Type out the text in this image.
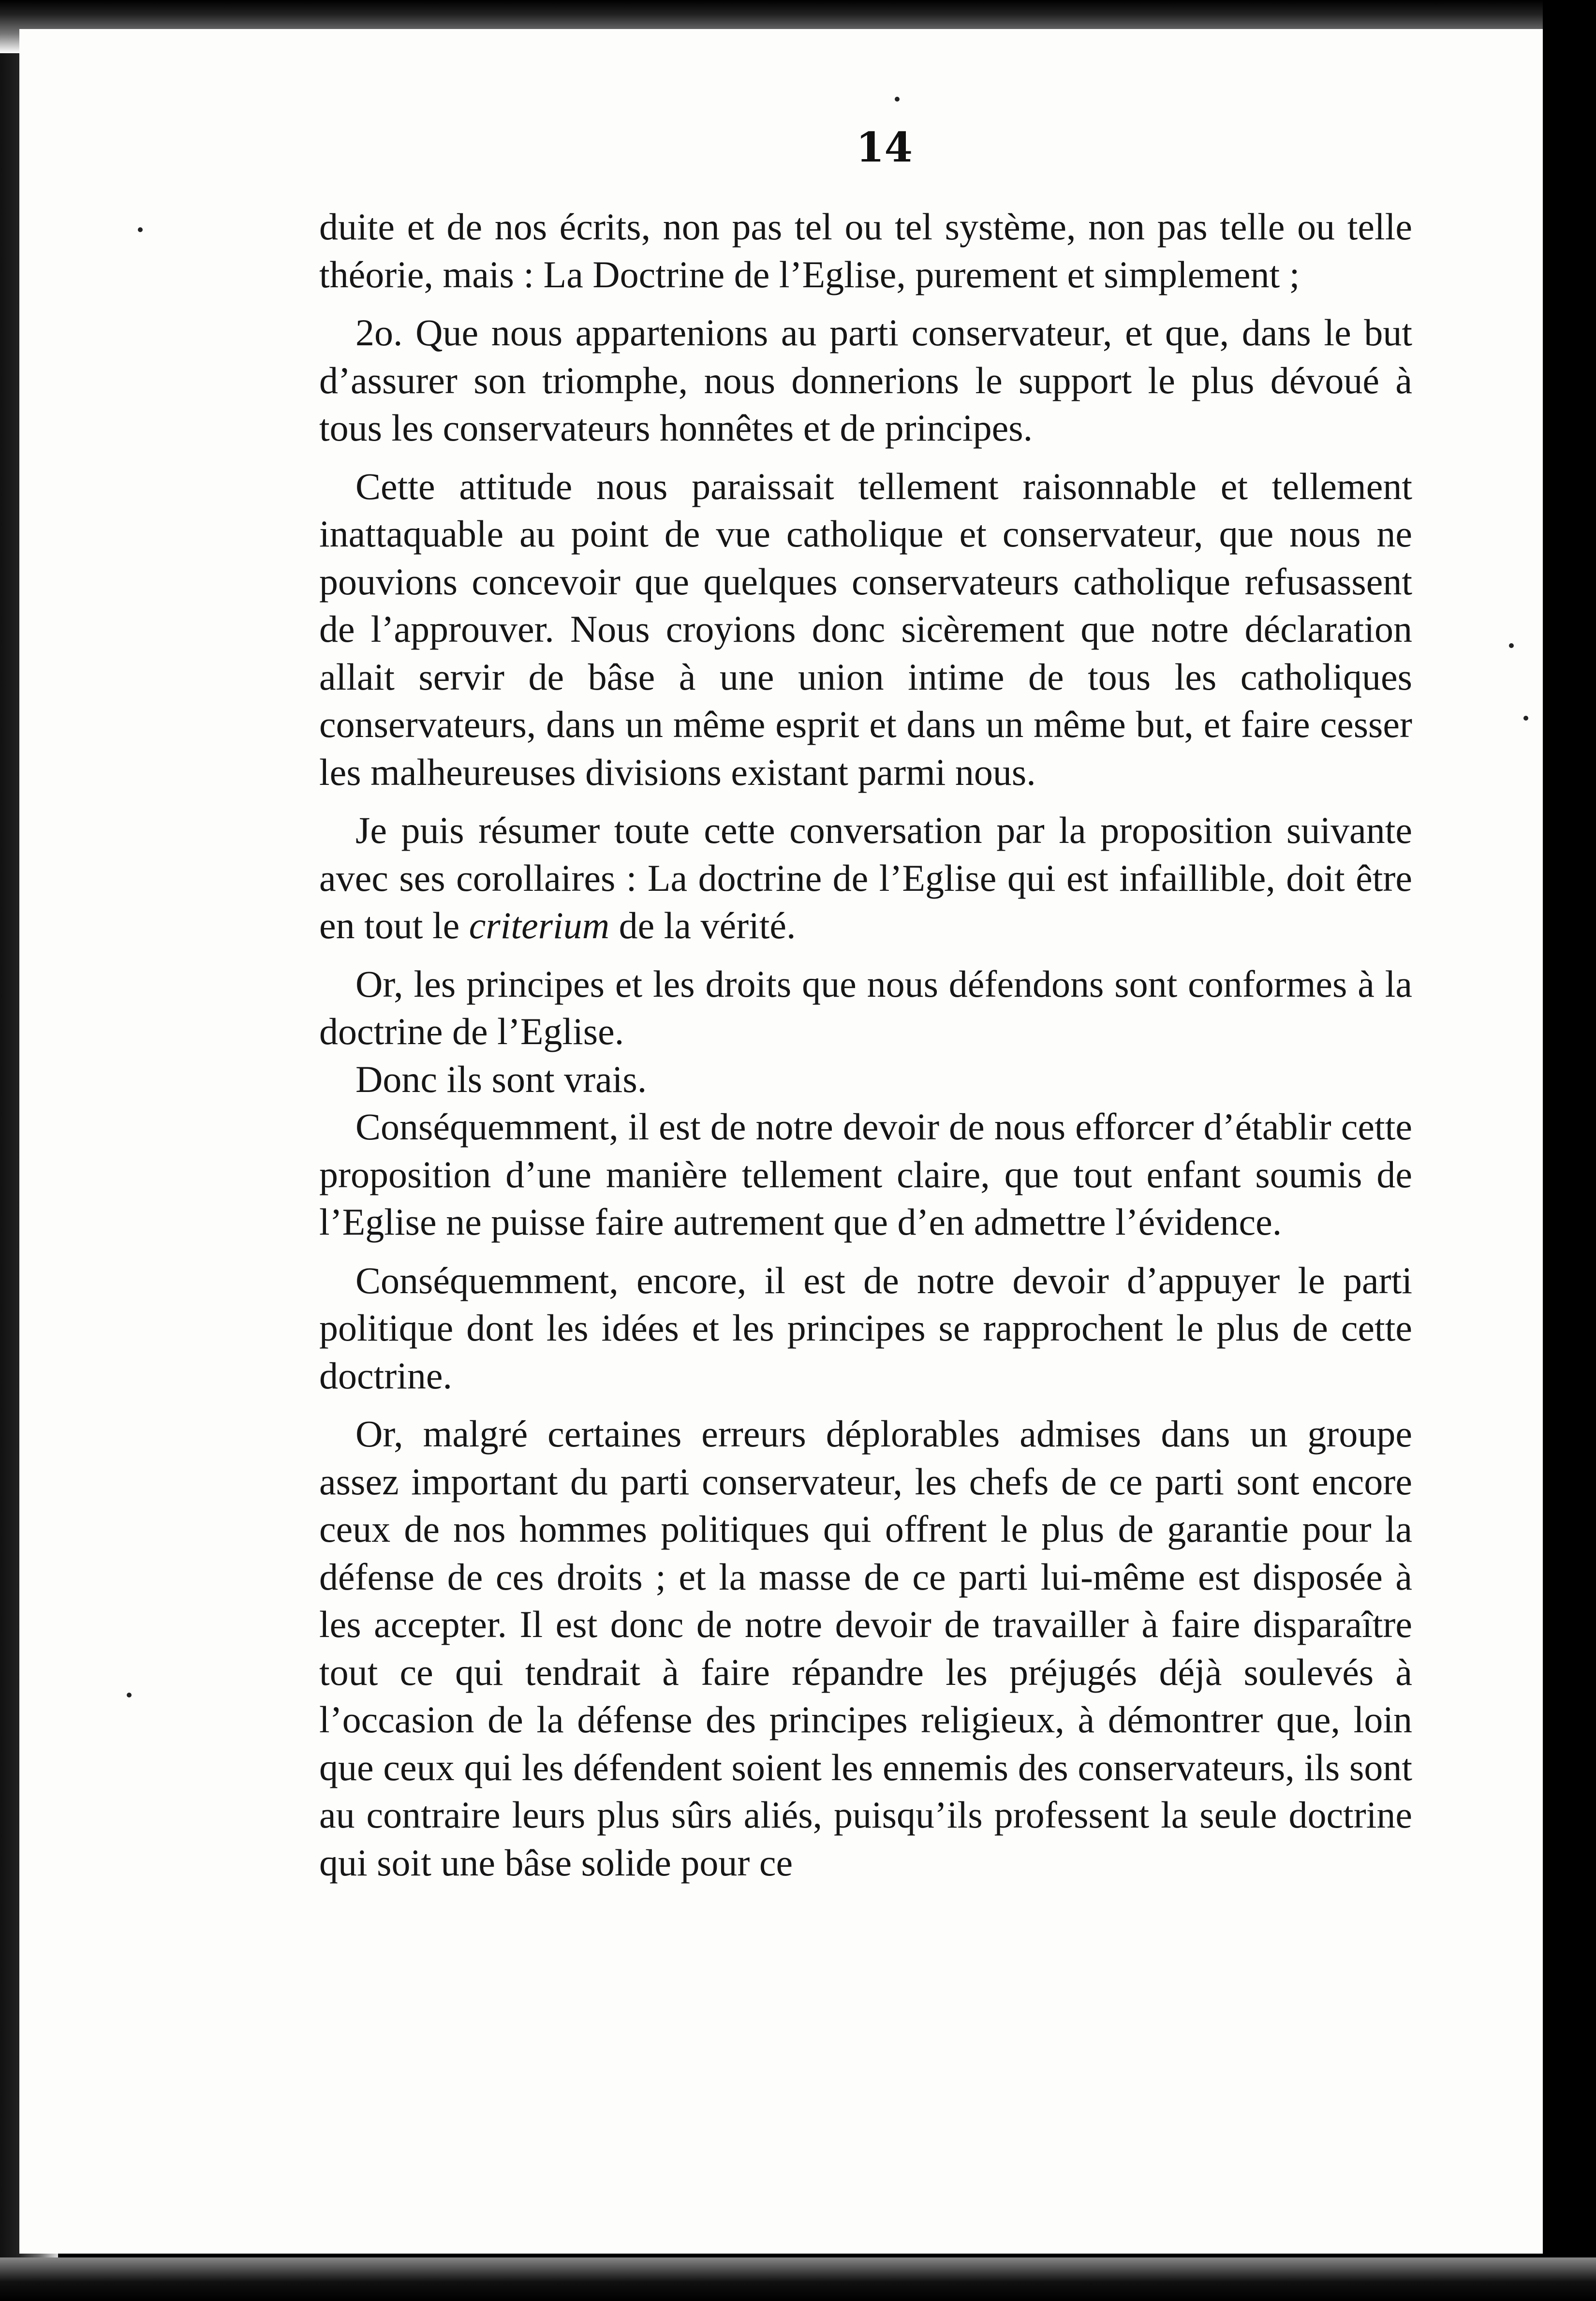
14

duite et de nos écrits, non pas tel ou tel système, non pas telle ou telle théorie, mais : La Doctrine de l’Eglise, purement et simplement ;

2o. Que nous appartenions au parti conservateur, et que, dans le but d’assurer son triomphe, nous donnerions le support le plus dévoué à tous les conservateurs honnêtes et de principes.

Cette attitude nous paraissait tellement raisonnable et tellement inattaquable au point de vue catholique et conservateur, que nous ne pouvions concevoir que quelques conservateurs catholique refusassent de l’approuver. Nous croyions donc sicèrement que notre déclaration allait servir de bâse à une union intime de tous les catholiques conservateurs, dans un même esprit et dans un même but, et faire cesser les malheureuses divisions existant parmi nous.

Je puis résumer toute cette conversation par la proposition suivante avec ses corollaires : La doctrine de l’Eglise qui est infaillible, doit être en tout le criterium de la vérité.

Or, les principes et les droits que nous défendons sont conformes à la doctrine de l’Eglise.

Donc ils sont vrais.

Conséquemment, il est de notre devoir de nous efforcer d’établir cette proposition d’une manière tellement claire, que tout enfant soumis de l’Eglise ne puisse faire autrement que d’en admettre l’évidence.

Conséquemment, encore, il est de notre devoir d’appuyer le parti politique dont les idées et les principes se rapprochent le plus de cette doctrine.

Or, malgré certaines erreurs déplorables admises dans un groupe assez important du parti conservateur, les chefs de ce parti sont encore ceux de nos hommes politiques qui offrent le plus de garantie pour la défense de ces droits ; et la masse de ce parti lui-même est disposée à les accepter. Il est donc de notre devoir de travailler à faire disparaître tout ce qui tendrait à faire répandre les préjugés déjà soulevés à l’occasion de la défense des principes religieux, à démontrer que, loin que ceux qui les défendent soient les ennemis des conservateurs, ils sont au contraire leurs plus sûrs aliés, puisqu’ils professent la seule doctrine qui soit une bâse solide pour ce
